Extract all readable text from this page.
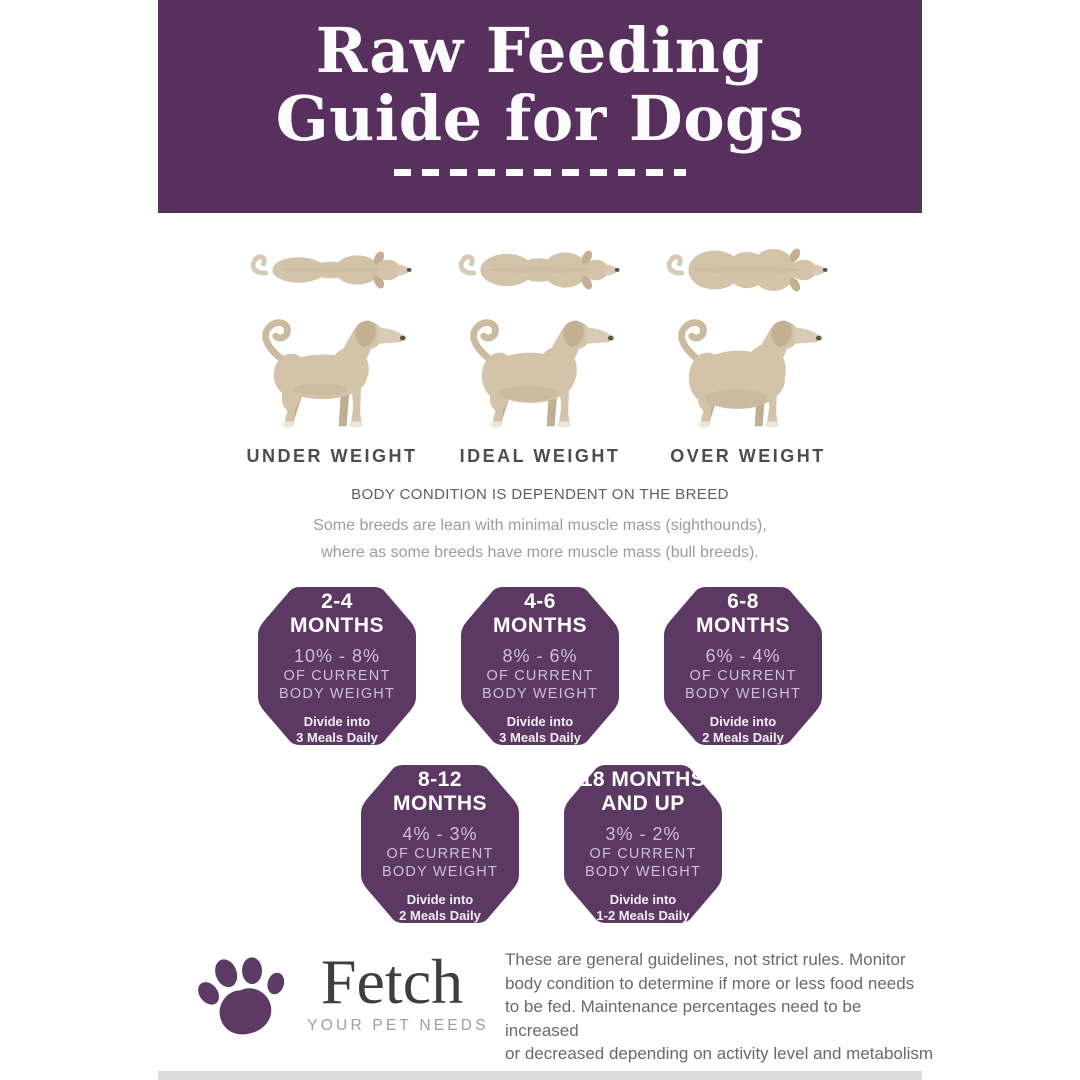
Raw Feeding
Guide for Dogs
UNDER WEIGHT	IDEAL WEIGHT	OVER WEIGHT
BODY CONDITION IS DEPENDENT ON THE BREED
Some breeds are lean with minimal muscle mass (sighthounds),
where as some breeds have more muscle mass (bull breeds).
2-4
MONTHS
10% - 8%
OF CURRENT
BODY WEIGHT
Divide into
3 Meals Daily
4-6
MONTHS
8% - 6%
OF CURRENT
BODY WEIGHT
Divide into
3 Meals Daily
6-8
MONTHS
6% - 4%
OF CURRENT
BODY WEIGHT
Divide into
2 Meals Daily
8-12
MONTHS
4% - 3%
OF CURRENT
BODY WEIGHT
Divide into
2 Meals Daily
18 MONTHS
AND UP
3% - 2%
OF CURRENT
BODY WEIGHT
Divide into
1-2 Meals Daily
Fetch
YOUR PET NEEDS
These are general guidelines, not strict rules. Monitor
body condition to determine if more or less food needs
to be fed. Maintenance percentages need to be increased
or decreased depending on activity level and metabolism
